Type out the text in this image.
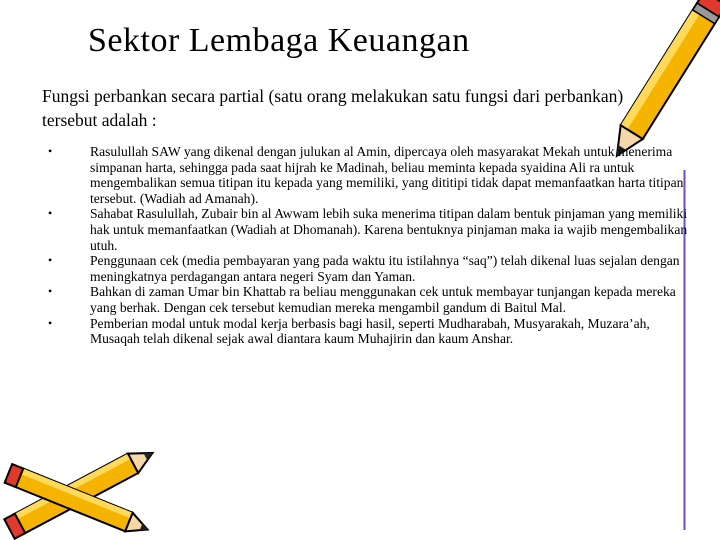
Sektor Lembaga Keuangan
Fungsi perbankan secara partial (satu orang melakukan satu fungsi dari perbankan) tersebut adalah :
•	Rasulullah SAW yang dikenal dengan julukan al Amin, dipercaya oleh masyarakat Mekah untuk menerima simpanan harta, sehingga pada saat hijrah ke Madinah, beliau meminta kepada syaidina Ali ra untuk mengembalikan semua titipan itu kepada yang memiliki, yang dititipi tidak dapat memanfaatkan harta titipan tersebut. (Wadiah ad Amanah).
•	Sahabat Rasulullah, Zubair bin al Awwam lebih suka menerima titipan dalam bentuk pinjaman yang memiliki hak untuk memanfaatkan (Wadiah at Dhomanah). Karena bentuknya pinjaman maka ia wajib mengembalikan utuh.
•	Penggunaan cek (media pembayaran yang pada waktu itu istilahnya “saq”) telah dikenal luas sejalan dengan meningkatnya perdagangan antara negeri Syam dan Yaman.
•	Bahkan di zaman Umar bin Khattab ra beliau menggunakan cek untuk membayar tunjangan kepada mereka yang berhak. Dengan cek tersebut kemudian mereka mengambil gandum di Baitul Mal.
•	Pemberian modal untuk modal kerja berbasis bagi hasil, seperti Mudharabah, Musyarakah, Muzara’ah, Musaqah telah dikenal sejak awal diantara kaum Muhajirin dan kaum Anshar.
